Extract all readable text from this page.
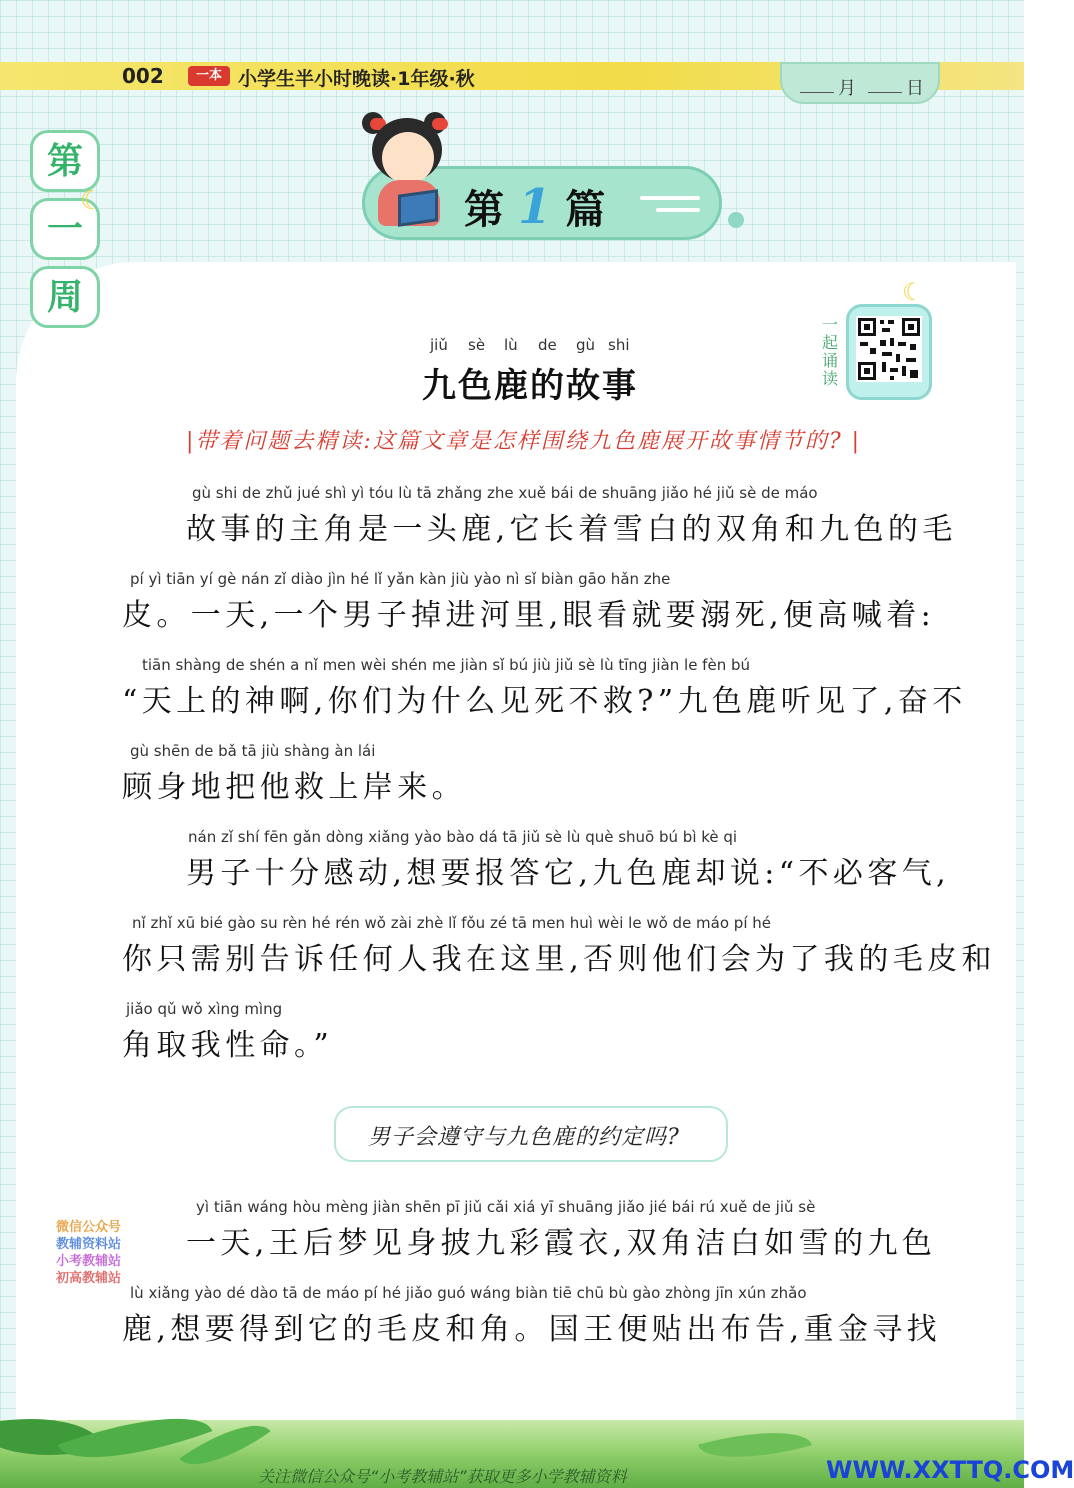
002	一本 小学生半小时晚读·1年级·秋	月	日
第
一
周
☾	第 1 篇
一起诵读
☾
jiǔ sè lù de gù shi
九色鹿的故事
|带着问题去精读:这篇文章是怎样围绕九色鹿展开故事情节的? |
gù shi de zhǔ jué shì yì tóu lù tā zhǎng zhe xuě bái de shuāng jiǎo hé jiǔ sè de máo
故事的主角是一头鹿,它长着雪白的双角和九色的毛
pí yì tiān yí gè nán zǐ diào jìn hé lǐ yǎn kàn jiù yào nì sǐ biàn gāo hǎn zhe
皮。一天,一个男子掉进河里,眼看就要溺死,便高喊着:
tiān shàng de shén a nǐ men wèi shén me jiàn sǐ bú jiù jiǔ sè lù tīng jiàn le fèn bú
“天上的神啊,你们为什么见死不救?”九色鹿听见了,奋不
gù shēn de bǎ tā jiù shàng àn lái
顾身地把他救上岸来。
nán zǐ shí fēn gǎn dòng xiǎng yào bào dá tā jiǔ sè lù què shuō bú bì kè qi
男子十分感动,想要报答它,九色鹿却说:“不必客气,
nǐ zhǐ xū bié gào su rèn hé rén wǒ zài zhè lǐ fǒu zé tā men huì wèi le wǒ de máo pí hé
你只需别告诉任何人我在这里,否则他们会为了我的毛皮和
jiǎo qǔ wǒ xìng mìng
角取我性命。”
男子会遵守与九色鹿的约定吗?
yì tiān wáng hòu mèng jiàn shēn pī jiǔ cǎi xiá yī shuāng jiǎo jié bái rú xuě de jiǔ sè
一天,王后梦见身披九彩霞衣,双角洁白如雪的九色
lù xiǎng yào dé dào tā de máo pí hé jiǎo guó wáng biàn tiē chū bù gào zhòng jīn xún zhǎo
鹿,想要得到它的毛皮和角。国王便贴出布告,重金寻找
微信公众号
教辅资料站
小考教辅站
初高教辅站
关注微信公众号“小考教辅站”获取更多小学教辅资料	WWW.XXTTQ.COM
